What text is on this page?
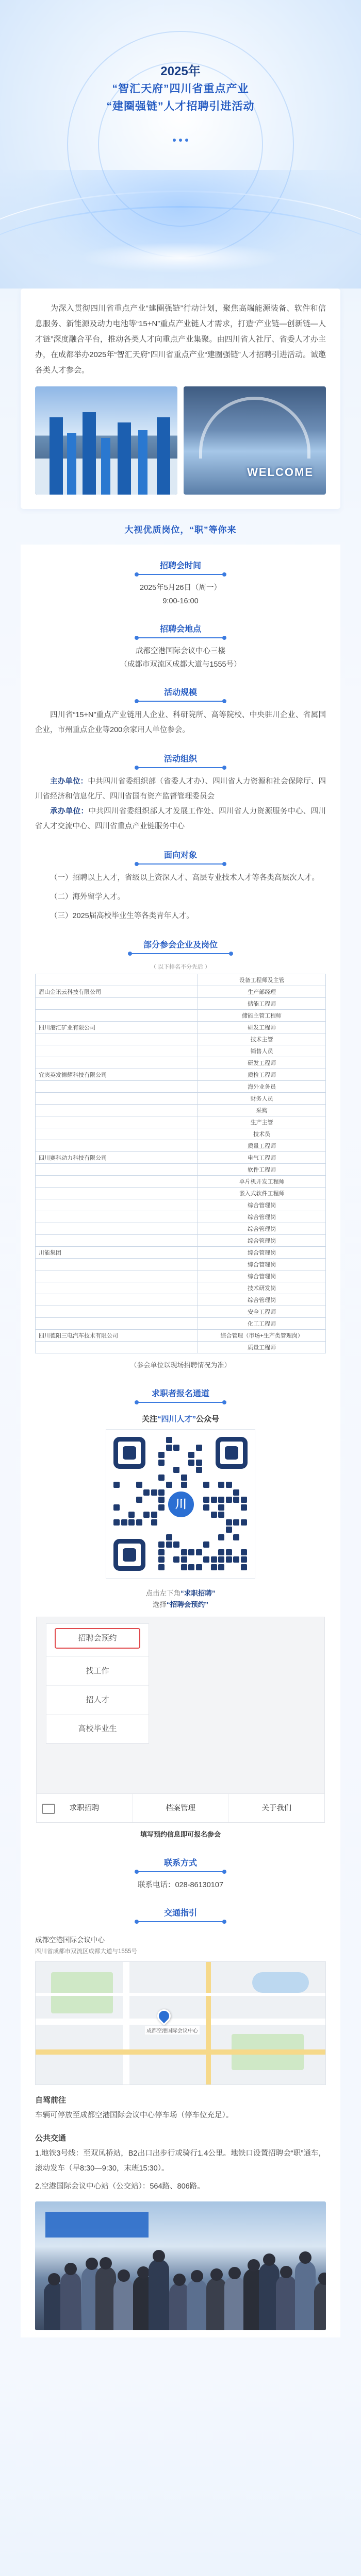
2025年
“智汇天府”四川省重点产业
“建圈强链”人才招聘引进活动

为深入贯彻四川省重点产业“建圈强链”行动计划，聚焦高端能源装备、软件和信息服务、新能源及动力电池等“15+N”重点产业链人才需求，打造“产业链—创新链—人才链”深度融合平台，推动各类人才向重点产业集聚。由四川省人社厅、省委人才办主办，在成都举办2025年“智汇天府”四川省重点产业“建圈强链”人才招聘引进活动。诚邀各类人才参会。

WELCOME
大视优质岗位，“职”等你来
招聘会时间
2025年5月26日（周一）
9:00-16:00
招聘会地点
成都空港国际会议中心三楼
（成都市双流区成都大道与1555号）
活动规模
四川省“15+N”重点产业链用人企业、科研院所、高等院校、中央驻川企业、省属国企业，市州重点企业等200余家用人单位参会。
活动组织
主办单位：中共四川省委组织部（省委人才办）、四川省人力资源和社会保障厅、四川省经济和信息化厅、四川省国有资产监督管理委员会
承办单位：中共四川省委组织部人才发展工作处、四川省人力资源服务中心、四川省人才交流中心、四川省重点产业链服务中心
面向对象
（一）招聘以上人才，省级以上资深人才、高层专业技术人才等各类高层次人才。
（二）海外留学人才。
（三）2025届高校毕业生等各类青年人才。
部分参会企业及岗位
（ 以下排名不分先后 ）
	设备工程师及主管
眉山金讯云科技有限公司	生产部经理
	储能工程师
	储能主管工程师
四川港汇矿业有限公司	研发工程师
	技术主管
	销售人员
	研发工程师
宜宾英发德耀科技有限公司	质检工程师
	海外业务员
	财务人员
	采购
	生产主管
	技术员
	质量工程师
四川赛科动力科技有限公司	电气工程师
	软件工程师
	单片机开发工程师
	嵌入式软件工程师
	综合管理岗
	综合管理岗
	综合管理岗
	综合管理岗
川能集团	综合管理岗
	综合管理岗
	综合管理岗
	技术研发岗
	综合管理岗
	安全工程师
	化工工程师
四川德阳三电汽车技术有限公司	综合管理（市场+生产类管理岗）
	质量工程师
（参会单位以现场招聘情况为准）
求职者报名通道
关注“四川人才”公众号
川
点击左下角“求职招聘”
选择“招聘会预约”
招聘会预约
找工作
招人才
高校毕业生
求职招聘	档案管理	关于我们
填写预约信息即可报名参会
联系方式
联系电话：028-86130107
交通指引
成都空港国际会议中心
四川省成都市双流区成都大道与1555号
成都空港国际会议中心
自驾前往
车辆可停放至成都空港国际会议中心停车场（停车位充足）。
公共交通
1.地铁3号线：至双凤桥站，B2出口出步行或骑行1.4公里。地铁口设置招聘会“职”通车，滚动发车（早8:30—9:30，末班15:30）。
2.空港国际会议中心站（公交站）：564路、806路。
